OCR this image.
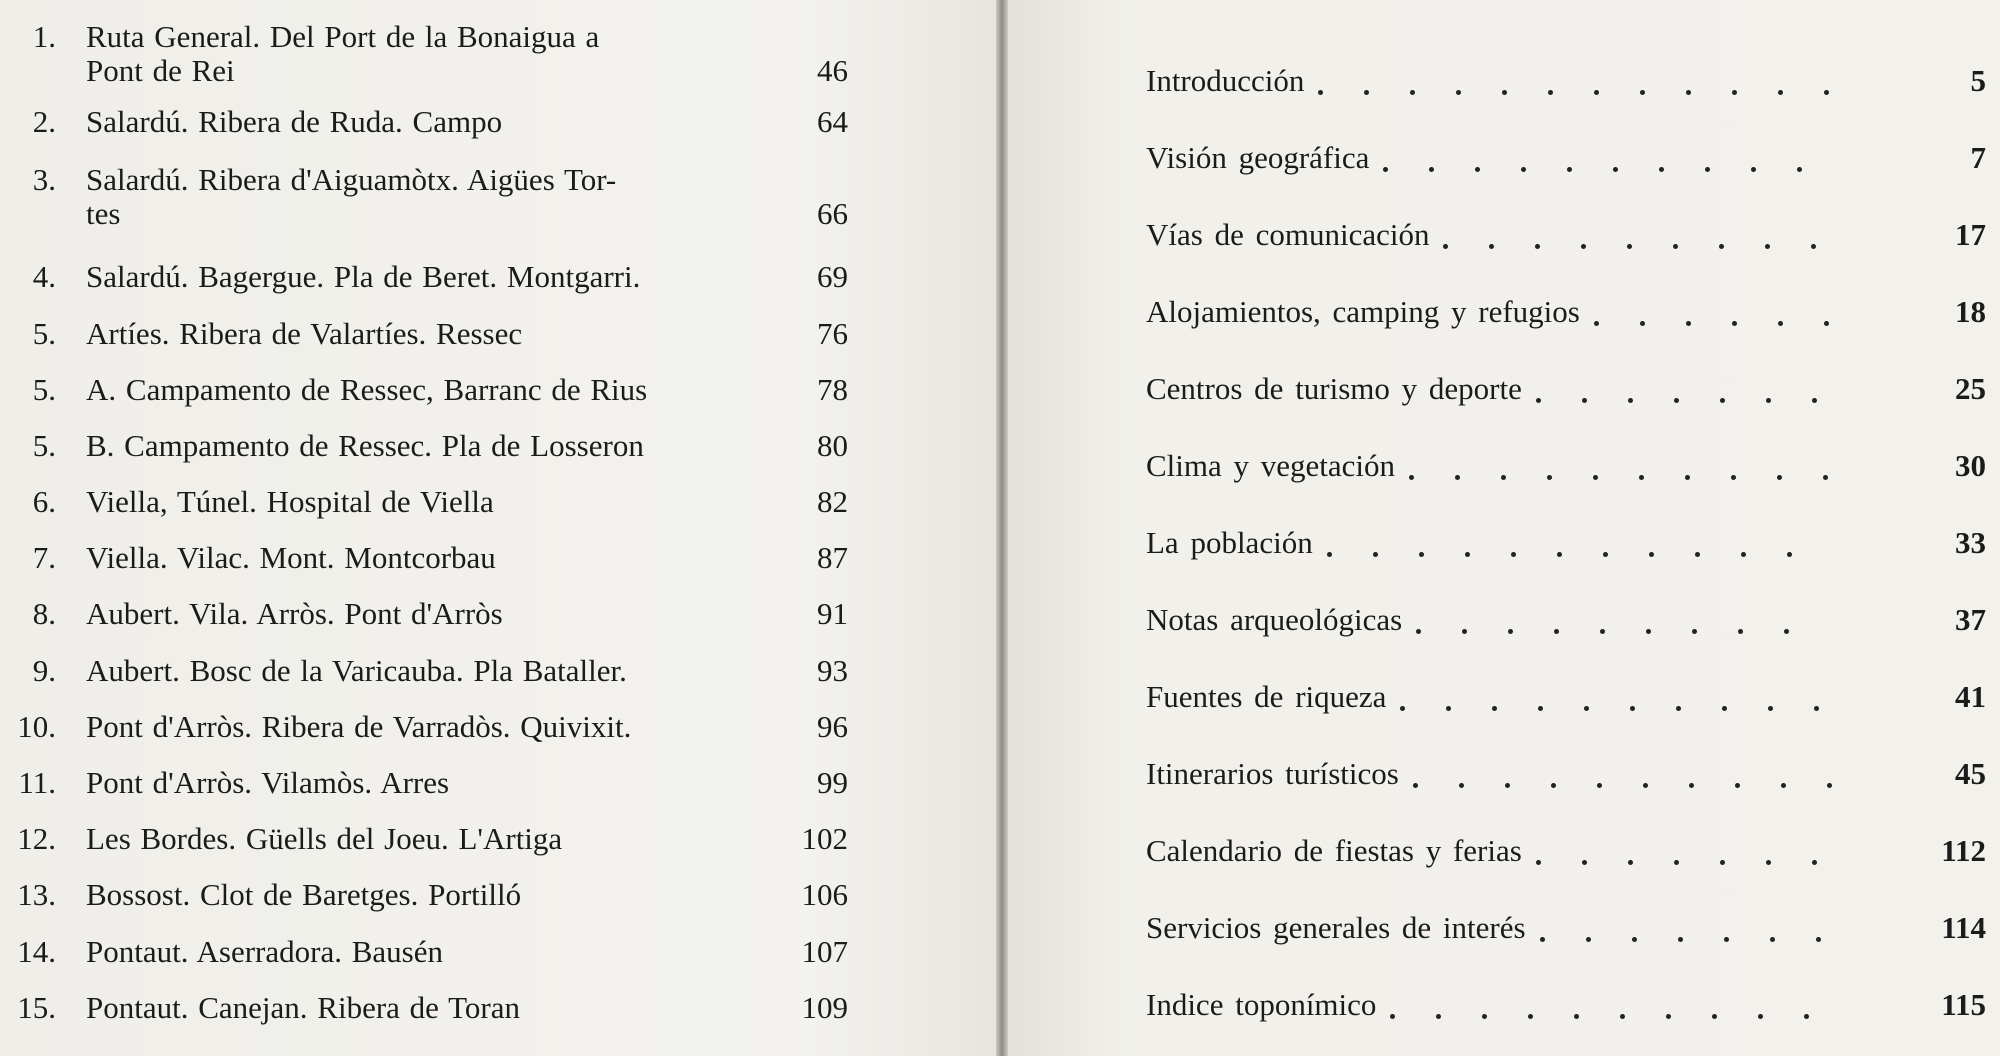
1. Ruta General. Del Port de la Bonaigua a
Pont de Rei	46
2. Salardú. Ribera de Ruda. Campo	64
3. Salardú. Ribera d'Aiguamòtx. Aigües Tor-
tes	66
4. Salardú. Bagergue. Pla de Beret. Montgarri.	69
5. Artíes. Ribera de Valartíes. Ressec	76
5. A. Campamento de Ressec, Barranc de Rius	78
5. B. Campamento de Ressec. Pla de Losseron	80
6. Viella, Túnel. Hospital de Viella	82
7. Viella. Vilac. Mont. Montcorbau	87
8. Aubert. Vila. Arròs. Pont d'Arròs	91
9. Aubert. Bosc de la Varicauba. Pla Bataller.	93
10. Pont d'Arròs. Ribera de Varradòs. Quivixit.	96
11. Pont d'Arròs. Vilamòs. Arres	99
12. Les Bordes. Güells del Joeu. L'Artiga	102
13. Bossost. Clot de Baretges. Portilló	106
14. Pontaut. Aserradora. Bausén	107
15. Pontaut. Canejan. Ribera de Toran	109
Introducción	5
Visión geográfica	7
Vías de comunicación	17
Alojamientos, camping y refugios	18
Centros de turismo y deporte	25
Clima y vegetación	30
La población	33
Notas arqueológicas	37
Fuentes de riqueza	41
Itinerarios turísticos	45
Calendario de fiestas y ferias	112
Servicios generales de interés	114
Indice toponímico	115
